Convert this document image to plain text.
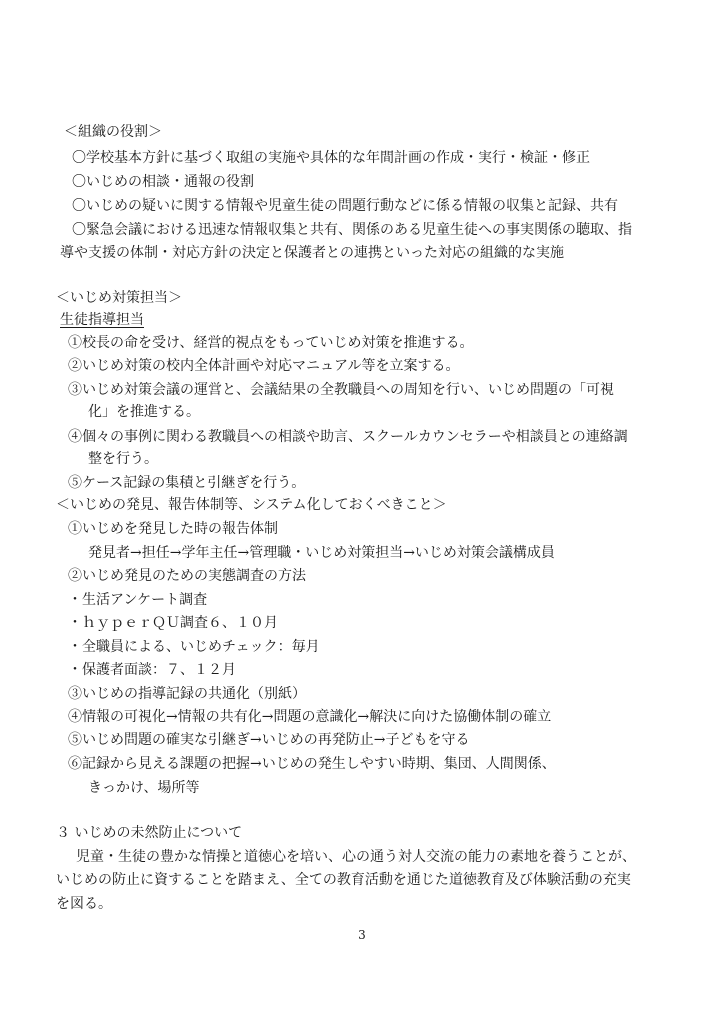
＜組織の役割＞

〇学校基本方針に基づく取組の実施や具体的な年間計画の作成・実行・検証・修正

〇いじめの相談・通報の役割

〇いじめの疑いに関する情報や児童生徒の問題行動などに係る情報の収集と記録、共有

〇緊急会議における迅速な情報収集と共有、関係のある児童生徒への事実関係の聴取、指

導や支援の体制・対応方針の決定と保護者との連携といった対応の組織的な実施

＜いじめ対策担当＞

生徒指導担当

①校長の命を受け、経営的視点をもっていじめ対策を推進する。

②いじめ対策の校内全体計画や対応マニュアル等を立案する。

③いじめ対策会議の運営と、会議結果の全教職員への周知を行い、いじめ問題の「可視

化」を推進する。

④個々の事例に関わる教職員への相談や助言、スクールカウンセラーや相談員との連絡調

整を行う。

⑤ケース記録の集積と引継ぎを行う。

＜いじめの発見、報告体制等、システム化しておくべきこと＞

①いじめを発見した時の報告体制

発見者→担任→学年主任→管理職・いじめ対策担当→いじめ対策会議構成員

②いじめ発見のための実態調査の方法

・生活アンケート調査

・ｈｙｐｅｒＱＵ調査６、１０月

・全職員による、いじめチェック：毎月

・保護者面談：７、１２月

③いじめの指導記録の共通化（別紙）

④情報の可視化→情報の共有化→問題の意識化→解決に向けた協働体制の確立

⑤いじめ問題の確実な引継ぎ→いじめの再発防止→子どもを守る

⑥記録から見える課題の把握→いじめの発生しやすい時期、集団、人間関係、

きっかけ、場所等

３ いじめの未然防止について

児童・生徒の豊かな情操と道徳心を培い、心の通う対人交流の能力の素地を養うことが、

いじめの防止に資することを踏まえ、全ての教育活動を通じた道徳教育及び体験活動の充実

を図る。

3
